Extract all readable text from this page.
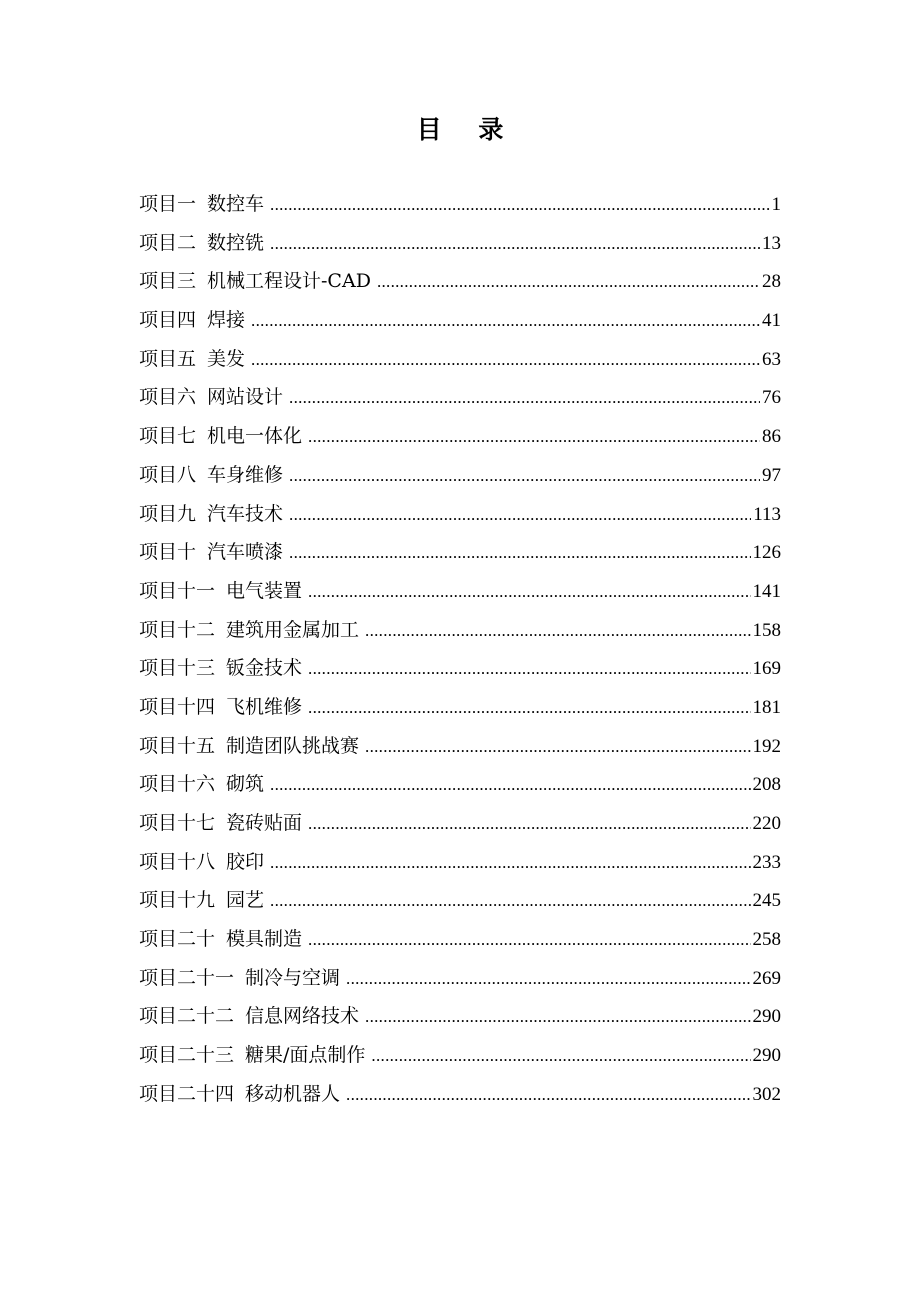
目 录
项目一 数控车 .....	1
项目二 数控铣 .....	13
项目三 机械工程设计-CAD .....	28
项目四 焊接 .....	41
项目五 美发 .....	63
项目六 网站设计 .....	76
项目七 机电一体化 .....	86
项目八 车身维修 .....	97
项目九 汽车技术 .....	113
项目十 汽车喷漆 .....	126
项目十一 电气装置 .....	141
项目十二 建筑用金属加工 .....	158
项目十三 钣金技术 .....	169
项目十四 飞机维修 .....	181
项目十五 制造团队挑战赛 .....	192
项目十六 砌筑 .....	208
项目十七 瓷砖贴面 .....	220
项目十八 胶印 .....	233
项目十九 园艺 .....	245
项目二十 模具制造 .....	258
项目二十一 制冷与空调 .....	269
项目二十二 信息网络技术 .....	290
项目二十三 糖果/面点制作 .....	290
项目二十四 移动机器人 .....	302
